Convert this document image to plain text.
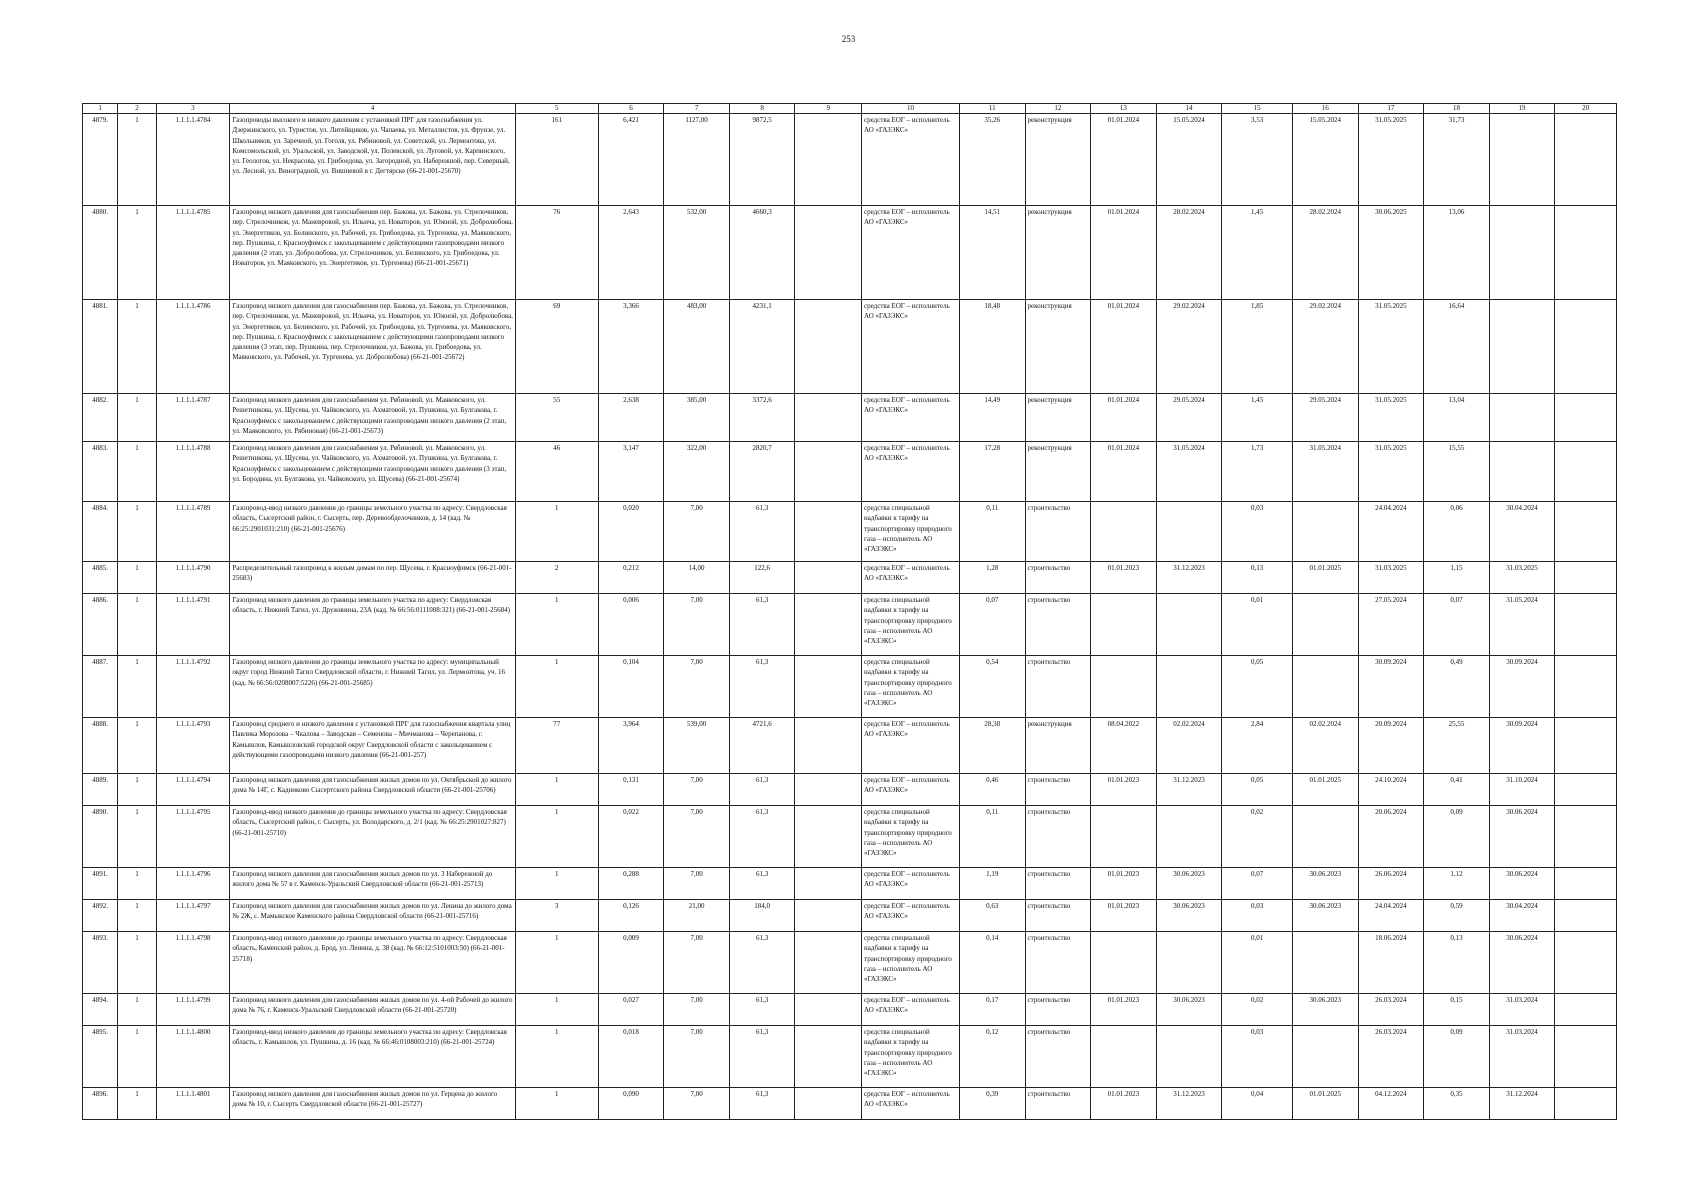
253
1	2	3	4	5	6	7	8	9	10	11	12	13	14	15	16	17	18	19	20
4879.	1	1.1.1.1.4784	Газопроводы высокого и низкого давления с установкой ПРГ для газоснабжения ул. Дзержинского, ул. Туристов, ул. Литейщиков, ул. Чапаева, ул. Металлистов, ул. Фрунзе, ул. Школьников, ул. Заречной, ул. Гоголя, ул. Рябиновой, ул. Советской, ул. Лермонтова, ул. Комсомольской, ул. Уральской, ул. Заводской, ул. Полевской, ул. Луговой, ул. Карпинского, ул. Геологов, ул. Некрасова, ул. Грибоедова, ул. Загородной, ул. Набережной, пер. Северный, ул. Лесной, ул. Виноградной, ул. Вишневой в г. Дегтярске (66-21-001-25670)	161	6,421	1127,00	9872,5		средства ЕОГ – исполнитель АО «ГАЗЭКС»	35,26	реконструкция	01.01.2024	15.05.2024	3,53	15.05.2024	31.05.2025	31,73		
4880.	1	1.1.1.1.4785	Газопровод низкого давления для газоснабжения пер. Бажова, ул. Бажова, ул. Стрелочников, пер. Стрелочников, ул. Маневровой, ул. Ильича, ул. Новаторов, ул. Южной, ул. Добролюбова, ул. Энергетиков, ул. Белинского, ул. Рабочей, ул. Грибоедова, ул. Тургенева, ул. Маяковского, пер. Пушкина, г. Красноуфимск с закольцеванием с действующими газопроводами низкого давления (2 этап, ул. Добролюбова, ул. Стрелочников, ул. Белинского, ул. Грибоедова, ул. Новаторов, ул. Маяковского, ул. Энергетиков, ул. Тургенева) (66-21-001-25671)	76	2,643	532,00	4660,3		средства ЕОГ – исполнитель АО «ГАЗЭКС»	14,51	реконструкция	01.01.2024	28.02.2024	1,45	28.02.2024	30.06.2025	13,06		
4881.	1	1.1.1.1.4786	Газопровод низкого давления для газоснабжения пер. Бажова, ул. Бажова, ул. Стрелочников, пер. Стрелочников, ул. Маневровой, ул. Ильича, ул. Новаторов, ул. Южной, ул. Добролюбова, ул. Энергетиков, ул. Белинского, ул. Рабочей, ул. Грибоедова, ул. Тургенева, ул. Маяковского, пер. Пушкина, г. Красноуфимск с закольцеванием с действующими газопроводами низкого давления (3 этап, пер. Пушкина, пер. Стрелочников, ул. Бажова, ул. Грибоедова, ул. Маяковского, ул. Рабочей, ул. Тургенева, ул. Добролюбова) (66-21-001-25672)	69	3,366	483,00	4231,1		средства ЕОГ – исполнитель АО «ГАЗЭКС»	18,48	реконструкция	01.01.2024	29.02.2024	1,85	29.02.2024	31.05.2025	16,64		
4882.	1	1.1.1.1.4787	Газопровод низкого давления для газоснабжения ул. Рябиновой, ул. Маяковского, ул. Решетникова, ул. Щусева, ул. Чайковского, ул. Ахматовой, ул. Пушкина, ул. Булгакова, г. Красноуфимск с закольцеванием с действующими газопроводами низкого давления (2 этап, ул. Маяковского, ул. Рябиновая) (66-21-001-25673)	55	2,638	385,00	3372,6		средства ЕОГ – исполнитель АО «ГАЗЭКС»	14,49	реконструкция	01.01.2024	29.05.2024	1,45	29.05.2024	31.05.2025	13,04		
4883.	1	1.1.1.1.4788	Газопровод низкого давления для газоснабжения ул. Рябиновой, ул. Маяковского, ул. Решетникова, ул. Щусева, ул. Чайковского, ул. Ахматовой, ул. Пушкина, ул. Булгакова, г. Красноуфимск с закольцеванием с действующими газопроводами низкого давления (3 этап, ул. Бородина, ул. Булгакова, ул. Чайковского, ул. Щусева) (66-21-001-25674)	46	3,147	322,00	2820,7		средства ЕОГ – исполнитель АО «ГАЗЭКС»	17,28	реконструкция	01.01.2024	31.05.2024	1,73	31.05.2024	31.05.2025	15,55		
4884.	1	1.1.1.1.4789	Газопровод-ввод низкого давления до границы земельного участка по адресу: Свердловская область, Сысертский район, г. Сысерть, пер. Деревообделочников, д. 14 (кад. № 66:25:2901031:210) (66-21-001-25676)	1	0,020	7,00	61,3		средства специальной надбавки к тарифу на транспортировку природного газа – исполнитель АО «ГАЗЭКС»	0,11	строительство			0,03		24.04.2024	0,06	30.04.2024	
4885.	1	1.1.1.1.4790	Распределительный газопровод к жилым домам по пер. Щусева, г. Красноуфимск (66-21-001-25683)	2	0,212	14,00	122,6		средства ЕОГ – исполнитель АО «ГАЗЭКС»	1,28	строительство	01.01.2023	31.12.2023	0,13	01.01.2025	31.03.2025	1,15	31.03.2025	
4886.	1	1.1.1.1.4791	Газопровод низкого давления до границы земельного участка по адресу: Свердловская область, г. Нижний Тагил, ул. Дружинина, 23А (кад. № 66:56:0111008:321) (66-21-001-25684)	1	0,006	7,00	61,3		средства специальной надбавки к тарифу на транспортировку природного газа – исполнитель АО «ГАЗЭКС»	0,07	строительство			0,01		27.05.2024	0,07	31.05.2024	
4887.	1	1.1.1.1.4792	Газопровод низкого давления до границы земельного участка по адресу: муниципальный округ город Нижний Тагил Свердловской области, г. Нижний Тагил, ул. Лермонтова, уч. 16 (кад. № 66:56:0208007:5226) (66-21-001-25685)	1	0,104	7,00	61,3		средства специальной надбавки к тарифу на транспортировку природного газа – исполнитель АО «ГАЗЭКС»	0,54	строительство			0,05		30.09.2024	0,49	30.09.2024	
4888.	1	1.1.1.1.4793	Газопровод среднего и низкого давления с установкой ПРГ для газоснабжения квартала улиц Павлика Морозова – Чкалова – Заводская – Семенова – Мичманова – Черепанова, г. Камышлов, Камышловский городской округ Свердловской области с закольцеванием с действующими газопроводами низкого давления (66-21-001-257)	77	3,964	539,00	4721,6		средства ЕОГ – исполнитель АО «ГАЗЭКС»	28,38	реконструкция	08.04.2022	02.02.2024	2,84	02.02.2024	20.09.2024	25,55	30.09.2024	
4889.	1	1.1.1.1.4794	Газопровод низкого давления для газоснабжения жилых домов по ул. Октябрьской до жилого дома № 14Г, с. Кадниково Сысертского района Свердловской области (66-21-001-25706)	1	0,131	7,00	61,3		средства ЕОГ – исполнитель АО «ГАЗЭКС»	0,46	строительство	01.01.2023	31.12.2023	0,05	01.01.2025	24.10.2024	0,41	31.10.2024	
4890.	1	1.1.1.1.4795	Газопровод-ввод низкого давления до границы земельного участка по адресу: Свердловская область, Сысертский район, г. Сысерть, ул. Володарского, д. 2/1 (кад. № 66:25:2901027:827) (66-21-001-25710)	1	0,022	7,00	61,3		средства специальной надбавки к тарифу на транспортировку природного газа – исполнитель АО «ГАЗЭКС»	0,11	строительство			0,02		20.06.2024	0,09	30.06.2024	
4891.	1	1.1.1.1.4796	Газопровод низкого давления для газоснабжения жилых домов по ул. 3 Набережной до жилого дома № 57 в г. Каменск-Уральский Свердловской области (66-21-001-25713)	1	0,288	7,00	61,3		средства ЕОГ – исполнитель АО «ГАЗЭКС»	1,19	строительство	01.01.2023	30.06.2023	0,07	30.06.2023	26.06.2024	1,12	30.06.2024	
4892.	1	1.1.1.1.4797	Газопровод низкого давления для газоснабжения жилых домов по ул. Ленина до жилого дома № 2Ж, с. Мамыкское Каменского района Свердловской области (66-21-001-25716)	3	0,126	21,00	184,0		средства ЕОГ – исполнитель АО «ГАЗЭКС»	0,63	строительство	01.01.2023	30.06.2023	0,03	30.06.2023	24.04.2024	0,59	30.04.2024	
4893.	1	1.1.1.1.4798	Газопровод-ввод низкого давления до границы земельного участка по адресу: Свердловская область, Каменский район, д. Брод, ул. Ленина, д. 38 (кад. № 66:12:5101003:50) (66-21-001-25718)	1	0,009	7,00	61,3		средства специальной надбавки к тарифу на транспортировку природного газа – исполнитель АО «ГАЗЭКС»	0,14	строительство			0,01		18.06.2024	0,13	30.06.2024	
4894.	1	1.1.1.1.4799	Газопровод низкого давления для газоснабжения жилых домов по ул. 4-ой Рабочей до жилого дома № 76, г. Каменск-Уральский Свердловской области (66-21-001-25720)	1	0,027	7,00	61,3		средства ЕОГ – исполнитель АО «ГАЗЭКС»	0,17	строительство	01.01.2023	30.06.2023	0,02	30.06.2023	26.03.2024	0,15	31.03.2024	
4895.	1	1.1.1.1.4800	Газопровод-ввод низкого давления до границы земельного участка по адресу: Свердловская область, г. Камышлов, ул. Пушкина, д. 16 (кад. № 66:46:0108003:210) (66-21-001-25724)	1	0,018	7,00	61,3		средства специальной надбавки к тарифу на транспортировку природного газа – исполнитель АО «ГАЗЭКС»	0,12	строительство			0,03		26.03.2024	0,09	31.03.2024	
4896.	1	1.1.1.1.4801	Газопровод низкого давления для газоснабжения жилых домов по ул. Герцена до жилого дома № 10, г. Сысерть Свердловской области (66-21-001-25727)	1	0,090	7,00	61,3		средства ЕОГ – исполнитель АО «ГАЗЭКС»	0,39	строительство	01.01.2023	31.12.2023	0,04	01.01.2025	04.12.2024	0,35	31.12.2024	
